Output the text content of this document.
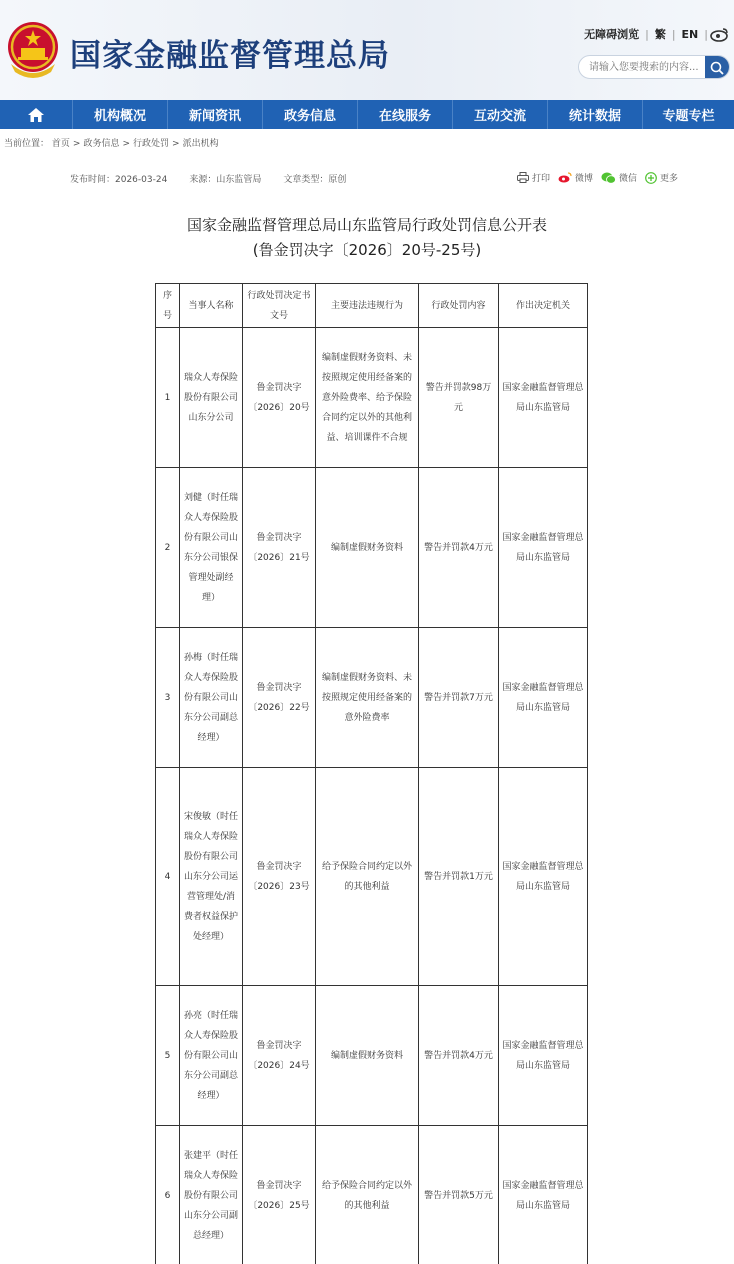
国家金融监督管理总局
无障碍浏览 | 繁 | EN |
请输入您要搜索的内容...
机构概况	新闻资讯	政务信息	在线服务	互动交流	统计数据	专题专栏
当前位置： 首页 > 政务信息 > 行政处罚 > 派出机构
发布时间：2026-03-24 来源：山东监管局 文章类型：原创	打印	微博	微信	更多
国家金融监督管理总局山东监管局行政处罚信息公开表
(鲁金罚决字〔2026〕20号-25号)
序号	当事人名称	行政处罚决定书文号	主要违法违规行为	行政处罚内容	作出决定机关
1	瑞众人寿保险股份有限公司山东分公司	鲁金罚决字〔2026〕20号	编制虚假财务资料、未按照规定使用经备案的意外险费率、给予保险合同约定以外的其他利益、培训课件不合规	警告并罚款98万元	国家金融监督管理总局山东监管局
2	刘健（时任瑞众人寿保险股份有限公司山东分公司银保管理处副经理）	鲁金罚决字〔2026〕21号	编制虚假财务资料	警告并罚款4万元	国家金融监督管理总局山东监管局
3	孙梅（时任瑞众人寿保险股份有限公司山东分公司副总经理）	鲁金罚决字〔2026〕22号	编制虚假财务资料、未按照规定使用经备案的意外险费率	警告并罚款7万元	国家金融监督管理总局山东监管局
4	宋俊敏（时任瑞众人寿保险股份有限公司山东分公司运营管理处/消费者权益保护处经理）	鲁金罚决字〔2026〕23号	给予保险合同约定以外的其他利益	警告并罚款1万元	国家金融监督管理总局山东监管局
5	孙亮（时任瑞众人寿保险股份有限公司山东分公司副总经理）	鲁金罚决字〔2026〕24号	编制虚假财务资料	警告并罚款4万元	国家金融监督管理总局山东监管局
6	张建平（时任瑞众人寿保险股份有限公司山东分公司副总经理）	鲁金罚决字〔2026〕25号	给予保险合同约定以外的其他利益	警告并罚款5万元	国家金融监督管理总局山东监管局
